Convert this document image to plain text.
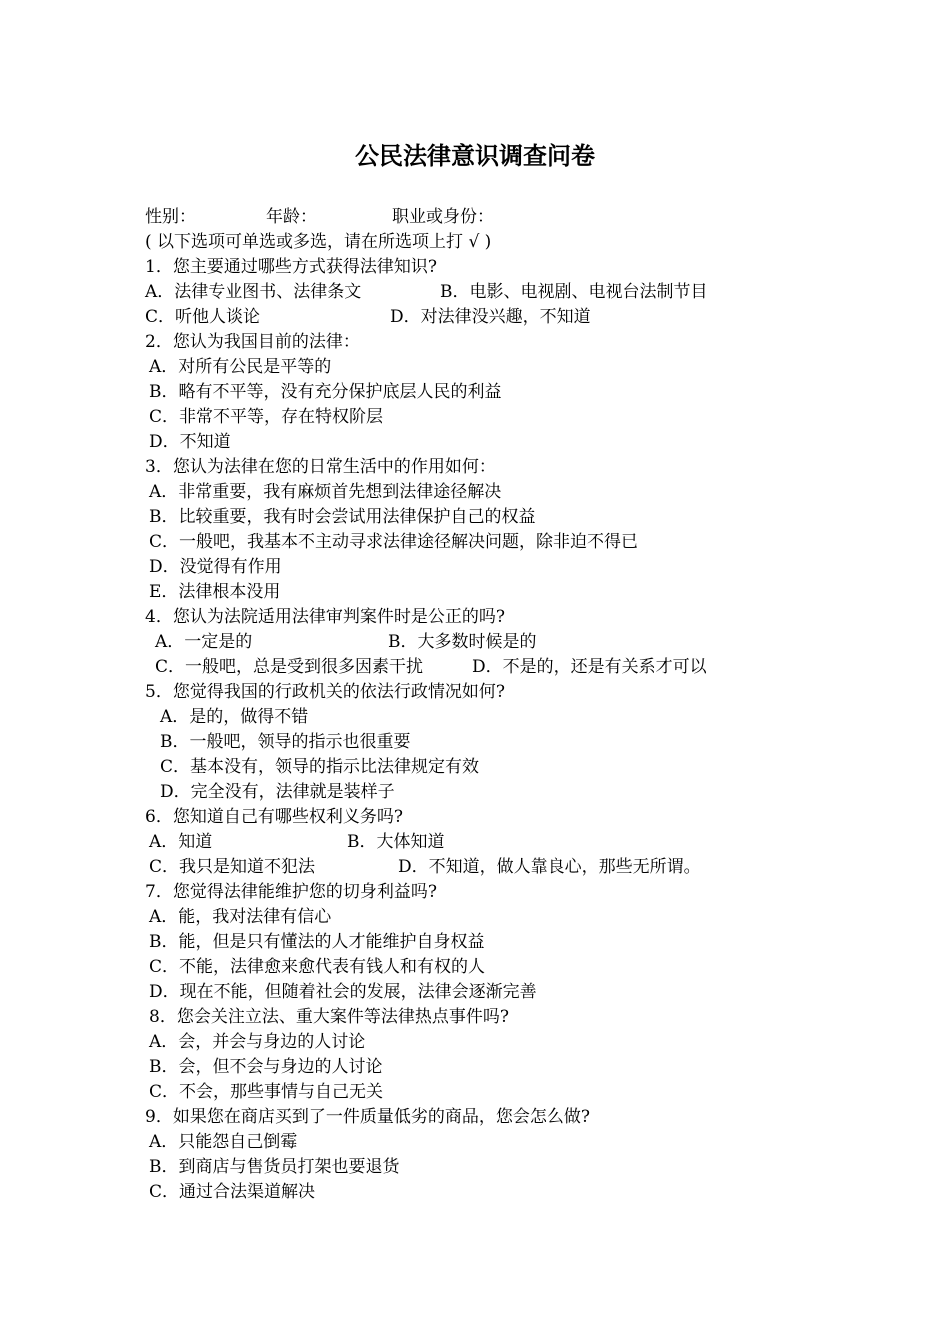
公民法律意识调查问卷
性别：	年龄：	职业或身份：
( 以下选项可单选或多选，请在所选项上打 √ )
1．您主要通过哪些方式获得法律知识?
A．法律专业图书、法律条文	B．电影、电视剧、电视台法制节目
C．听他人谈论	D．对法律没兴趣，不知道
2．您认为我国目前的法律：
A．对所有公民是平等的
B．略有不平等，没有充分保护底层人民的利益
C．非常不平等，存在特权阶层
D．不知道
3．您认为法律在您的日常生活中的作用如何：
A．非常重要，我有麻烦首先想到法律途径解决
B．比较重要，我有时会尝试用法律保护自己的权益
C．一般吧，我基本不主动寻求法律途径解决问题，除非迫不得已
D．没觉得有作用
E．法律根本没用
4．您认为法院适用法律审判案件时是公正的吗?
A．一定是的	B．大多数时候是的
C．一般吧，总是受到很多因素干扰	D．不是的，还是有关系才可以
5．您觉得我国的行政机关的依法行政情况如何?
A．是的，做得不错
B．一般吧，领导的指示也很重要
C．基本没有，领导的指示比法律规定有效
D．完全没有，法律就是装样子
6．您知道自己有哪些权利义务吗?
A．知道	B．大体知道
C．我只是知道不犯法	D．不知道，做人靠良心，那些无所谓。
7．您觉得法律能维护您的切身利益吗?
A．能，我对法律有信心
B．能，但是只有懂法的人才能维护自身权益
C．不能，法律愈来愈代表有钱人和有权的人
D．现在不能，但随着社会的发展，法律会逐渐完善
8．您会关注立法、重大案件等法律热点事件吗?
A．会，并会与身边的人讨论
B．会，但不会与身边的人讨论
C．不会，那些事情与自己无关
9．如果您在商店买到了一件质量低劣的商品，您会怎么做?
A．只能怨自己倒霉
B．到商店与售货员打架也要退货
C．通过合法渠道解决
